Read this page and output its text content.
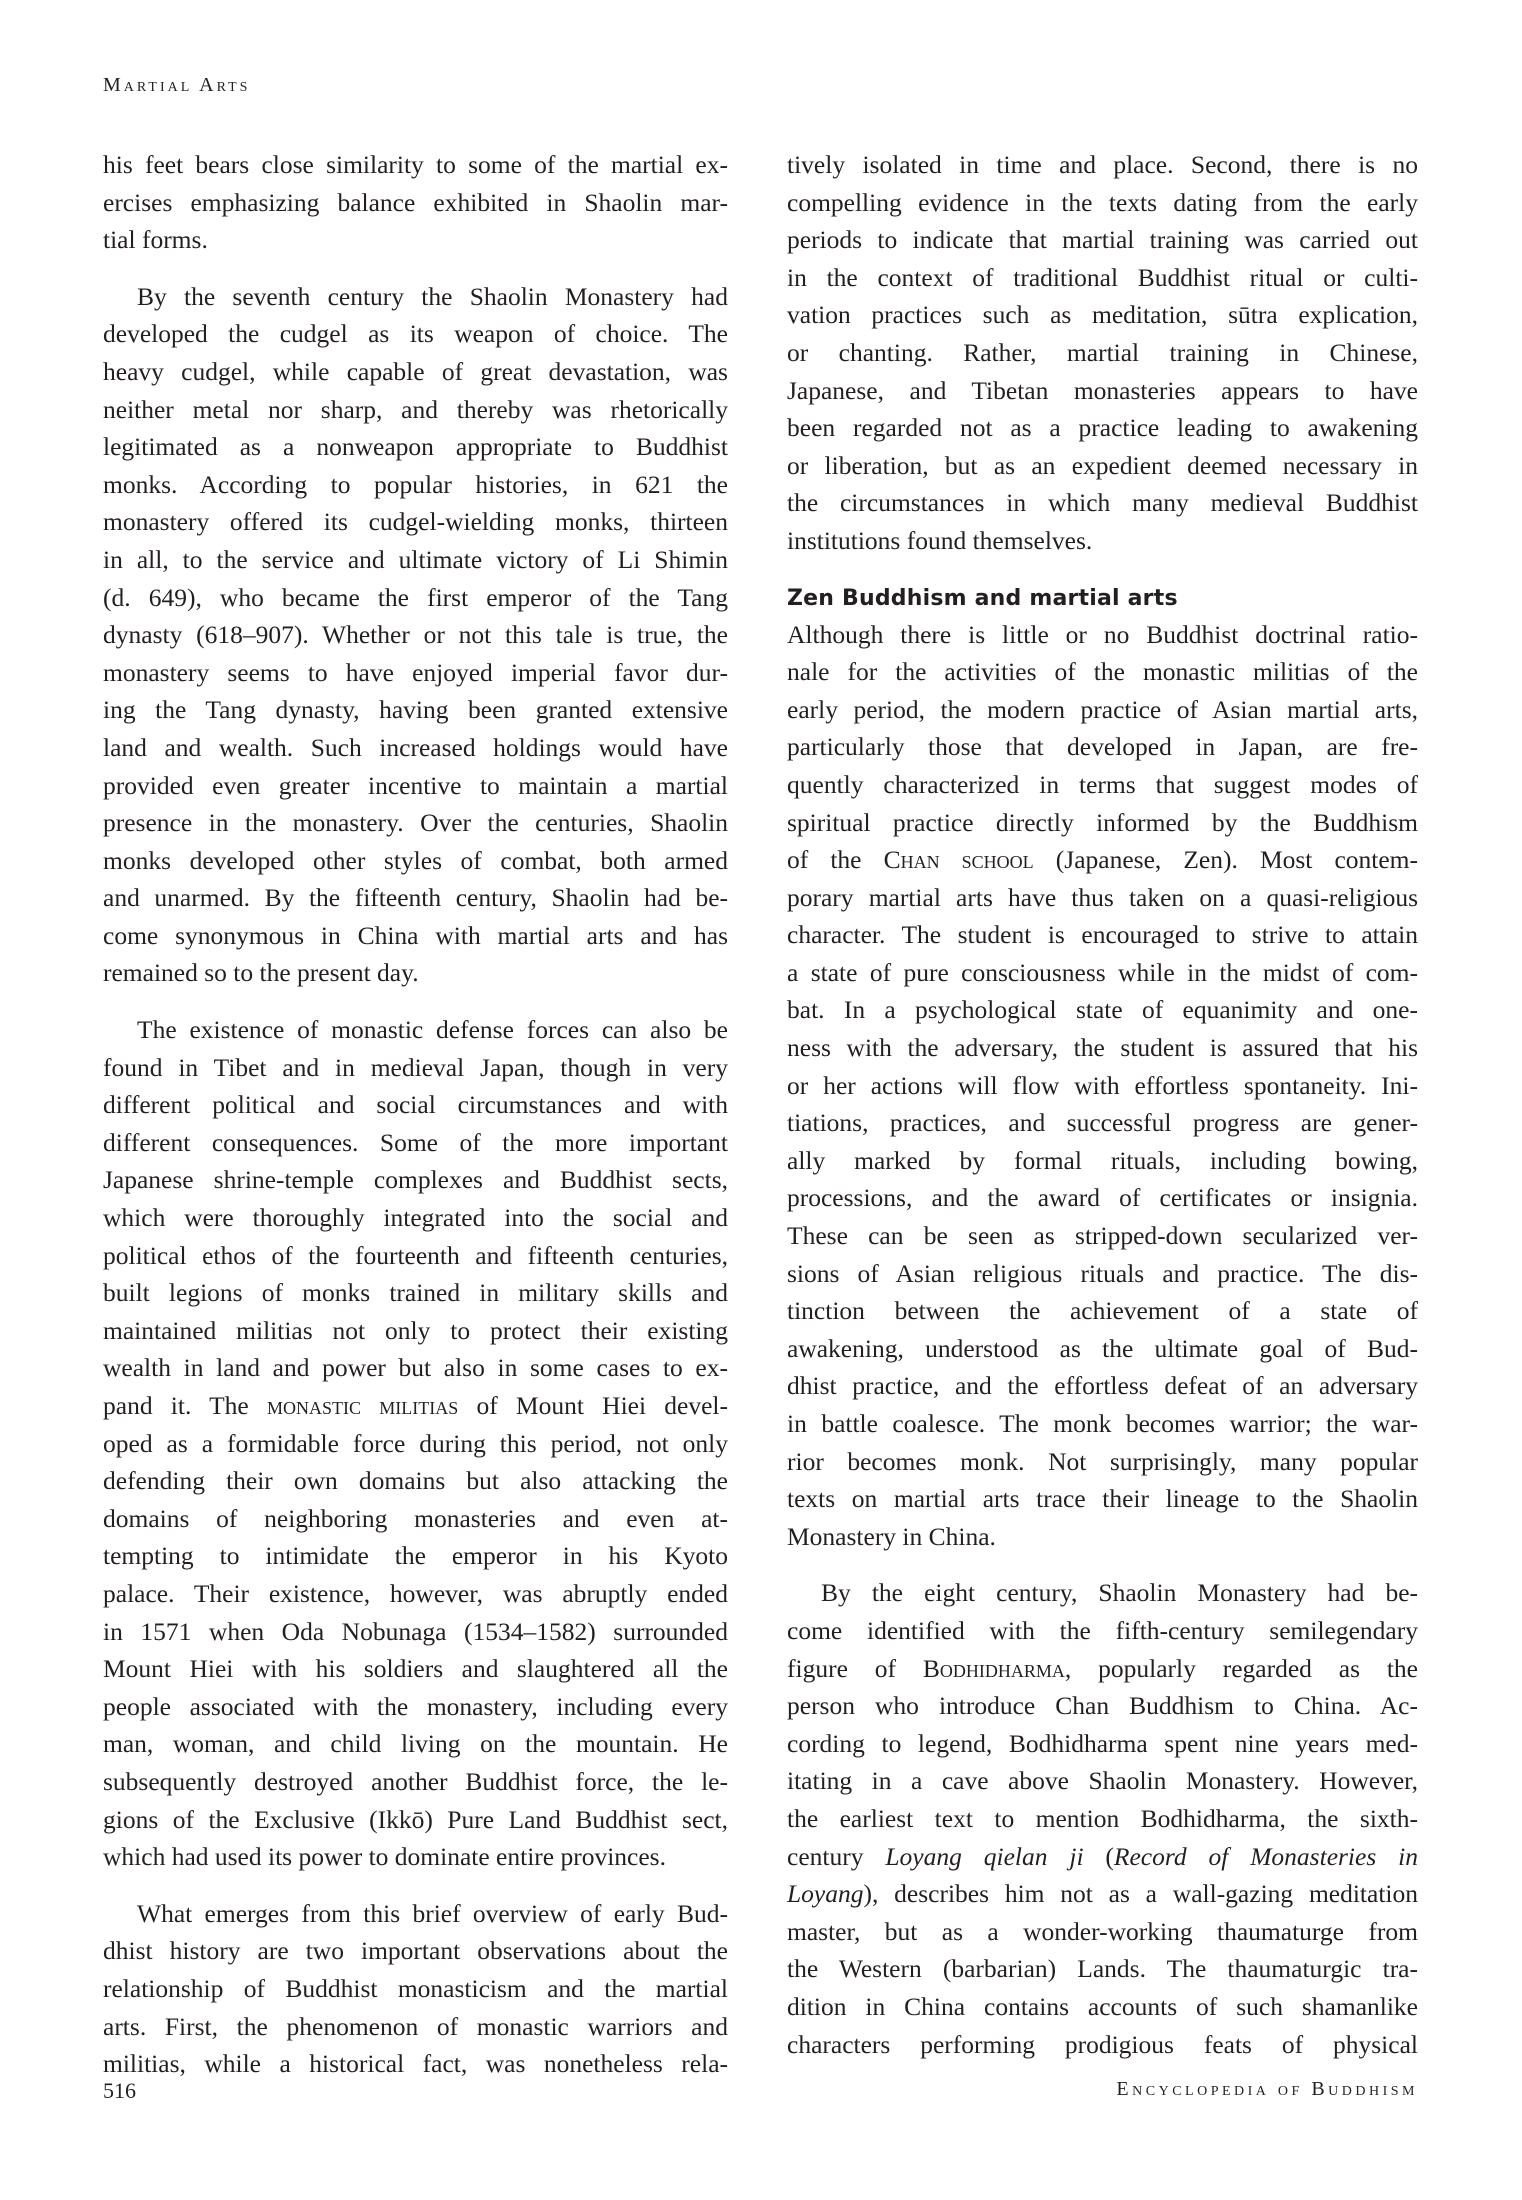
Martial Arts
his feet bears close similarity to some of the martial ex-
ercises emphasizing balance exhibited in Shaolin mar-
tial forms.
By the seventh century the Shaolin Monastery had
developed the cudgel as its weapon of choice. The
heavy cudgel, while capable of great devastation, was
neither metal nor sharp, and thereby was rhetorically
legitimated as a nonweapon appropriate to Buddhist
monks. According to popular histories, in 621 the
monastery offered its cudgel-wielding monks, thirteen
in all, to the service and ultimate victory of Li Shimin
(d. 649), who became the first emperor of the Tang
dynasty (618–907). Whether or not this tale is true, the
monastery seems to have enjoyed imperial favor dur-
ing the Tang dynasty, having been granted extensive
land and wealth. Such increased holdings would have
provided even greater incentive to maintain a martial
presence in the monastery. Over the centuries, Shaolin
monks developed other styles of combat, both armed
and unarmed. By the fifteenth century, Shaolin had be-
come synonymous in China with martial arts and has
remained so to the present day.
The existence of monastic defense forces can also be
found in Tibet and in medieval Japan, though in very
different political and social circumstances and with
different consequences. Some of the more important
Japanese shrine-temple complexes and Buddhist sects,
which were thoroughly integrated into the social and
political ethos of the fourteenth and fifteenth centuries,
built legions of monks trained in military skills and
maintained militias not only to protect their existing
wealth in land and power but also in some cases to ex-
pand it. The monastic militias of Mount Hiei devel-
oped as a formidable force during this period, not only
defending their own domains but also attacking the
domains of neighboring monasteries and even at-
tempting to intimidate the emperor in his Kyoto
palace. Their existence, however, was abruptly ended
in 1571 when Oda Nobunaga (1534–1582) surrounded
Mount Hiei with his soldiers and slaughtered all the
people associated with the monastery, including every
man, woman, and child living on the mountain. He
subsequently destroyed another Buddhist force, the le-
gions of the Exclusive (Ikkō) Pure Land Buddhist sect,
which had used its power to dominate entire provinces.
What emerges from this brief overview of early Bud-
dhist history are two important observations about the
relationship of Buddhist monasticism and the martial
arts. First, the phenomenon of monastic warriors and
militias, while a historical fact, was nonetheless rela-
tively isolated in time and place. Second, there is no
compelling evidence in the texts dating from the early
periods to indicate that martial training was carried out
in the context of traditional Buddhist ritual or culti-
vation practices such as meditation, sūtra explication,
or chanting. Rather, martial training in Chinese,
Japanese, and Tibetan monasteries appears to have
been regarded not as a practice leading to awakening
or liberation, but as an expedient deemed necessary in
the circumstances in which many medieval Buddhist
institutions found themselves.
Zen Buddhism and martial arts
Although there is little or no Buddhist doctrinal ratio-
nale for the activities of the monastic militias of the
early period, the modern practice of Asian martial arts,
particularly those that developed in Japan, are fre-
quently characterized in terms that suggest modes of
spiritual practice directly informed by the Buddhism
of the Chan school (Japanese, Zen). Most contem-
porary martial arts have thus taken on a quasi-religious
character. The student is encouraged to strive to attain
a state of pure consciousness while in the midst of com-
bat. In a psychological state of equanimity and one-
ness with the adversary, the student is assured that his
or her actions will flow with effortless spontaneity. Ini-
tiations, practices, and successful progress are gener-
ally marked by formal rituals, including bowing,
processions, and the award of certificates or insignia.
These can be seen as stripped-down secularized ver-
sions of Asian religious rituals and practice. The dis-
tinction between the achievement of a state of
awakening, understood as the ultimate goal of Bud-
dhist practice, and the effortless defeat of an adversary
in battle coalesce. The monk becomes warrior; the war-
rior becomes monk. Not surprisingly, many popular
texts on martial arts trace their lineage to the Shaolin
Monastery in China.
By the eight century, Shaolin Monastery had be-
come identified with the fifth-century semilegendary
figure of Bodhidharma, popularly regarded as the
person who introduce Chan Buddhism to China. Ac-
cording to legend, Bodhidharma spent nine years med-
itating in a cave above Shaolin Monastery. However,
the earliest text to mention Bodhidharma, the sixth-
century Loyang qielan ji (Record of Monasteries in
Loyang), describes him not as a wall-gazing meditation
master, but as a wonder-working thaumaturge from
the Western (barbarian) Lands. The thaumaturgic tra-
dition in China contains accounts of such shamanlike
characters performing prodigious feats of physical
516	Encyclopedia of Buddhism
